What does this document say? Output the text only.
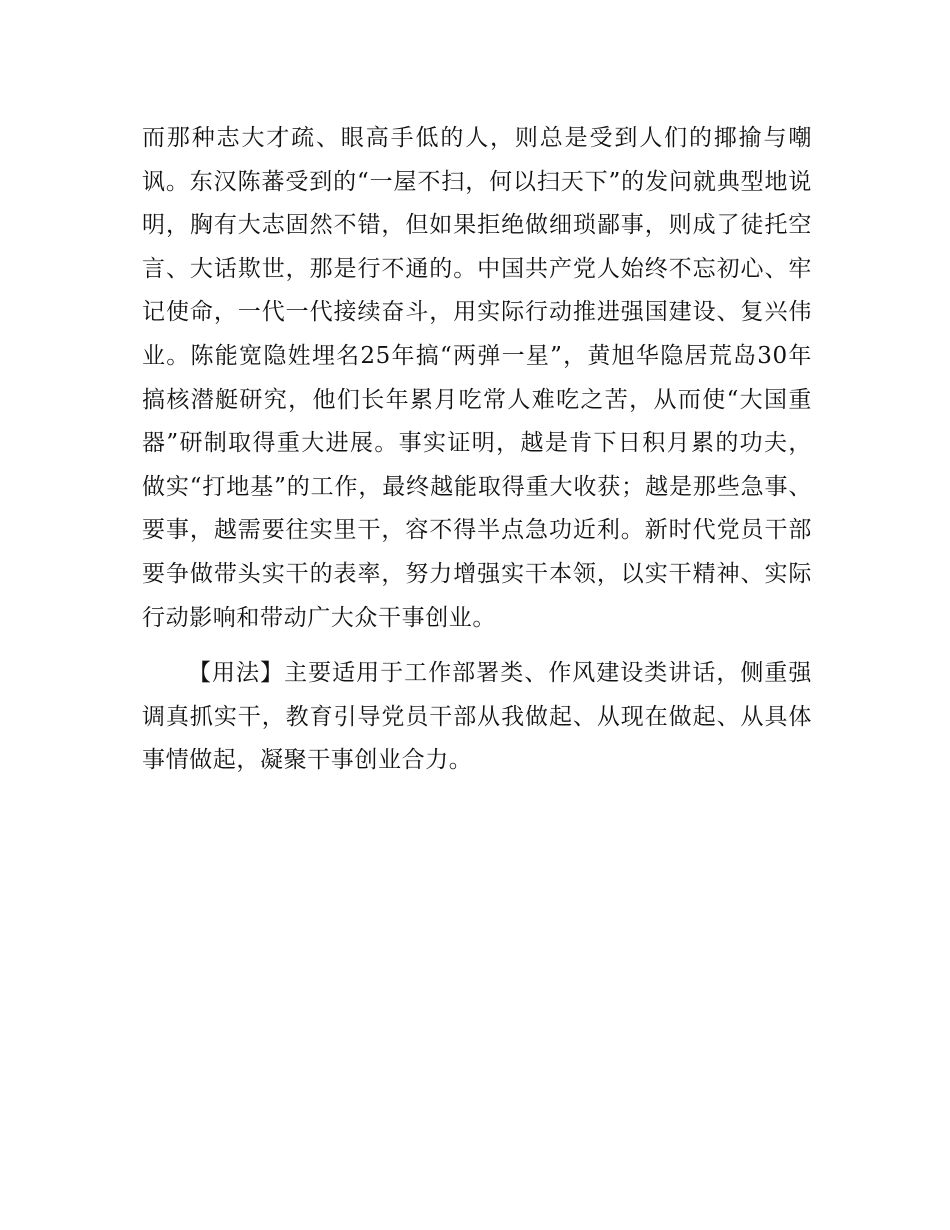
而那种志大才疏、眼高手低的人，则总是受到人们的揶揄与嘲讽。东汉陈蕃受到的“一屋不扫，何以扫天下”的发问就典型地说明，胸有大志固然不错，但如果拒绝做细琐鄙事，则成了徒托空言、大话欺世，那是行不通的。中国共产党人始终不忘初心、牢记使命，一代一代接续奋斗，用实际行动推进强国建设、复兴伟业。陈能宽隐姓埋名25年搞“两弹一星”，黄旭华隐居荒岛30年搞核潜艇研究，他们长年累月吃常人难吃之苦，从而使“大国重器”研制取得重大进展。事实证明，越是肯下日积月累的功夫，做实“打地基”的工作，最终越能取得重大收获；越是那些急事、要事，越需要往实里干，容不得半点急功近利。新时代党员干部要争做带头实干的表率，努力增强实干本领，以实干精神、实际行动影响和带动广大众干事创业。

【用法】主要适用于工作部署类、作风建设类讲话，侧重强调真抓实干，教育引导党员干部从我做起、从现在做起、从具体事情做起，凝聚干事创业合力。
